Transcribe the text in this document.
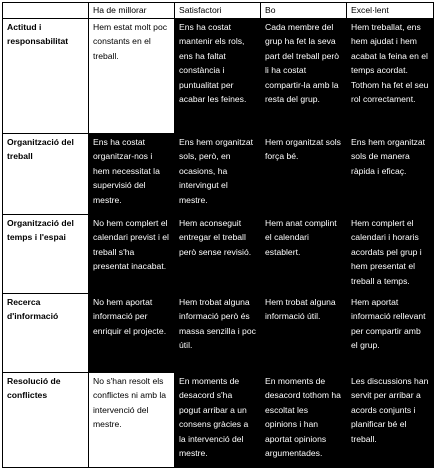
	Ha de millorar	Satisfactori	Bo	Excel·lent
Actitud i responsabilitat	Hem estat molt poc constants en el treball.	Ens ha costat mantenir els rols, ens ha faltat constància i puntualitat per acabar les feines.	Cada membre del grup ha fet la seva part del treball però li ha costat compartir-la amb la resta del grup.	Hem treballat, ens hem ajudat i hem acabat la feina en el temps acordat. Tothom ha fet el seu rol correctament.
Organització del treball	Ens ha costat organitzar-nos i hem necessitat la supervisió del mestre.	Ens hem organitzat sols, però, en ocasions, ha intervingut el mestre.	Hem organitzat sols força bé.	Ens hem organitzat sols de manera ràpida i eficaç.
Organització del temps i l'espai	No hem complert el calendari previst i el treball s'ha presentat inacabat.	Hem aconseguit entregar el treball però sense revisió.	Hem anat complint el calendari establert.	Hem complert el calendari i horaris acordats pel grup i hem presentat el treball a temps.
Recerca d'informació	No hem aportat informació per enriquir el projecte.	Hem trobat alguna informació però és massa senzilla i poc útil.	Hem trobat alguna informació útil.	Hem aportat informació rellevant per compartir amb el grup.
Resolució de conflictes	No s'han resolt els conflictes ni amb la intervenció del mestre.	En moments de desacord s'ha pogut arribar a un consens gràcies a la intervenció del mestre.	En moments de desacord tothom ha escoltat les opinions i han aportat opinions argumentades.	Les discussions han servit per arribar a acords conjunts i planificar bé el treball.
